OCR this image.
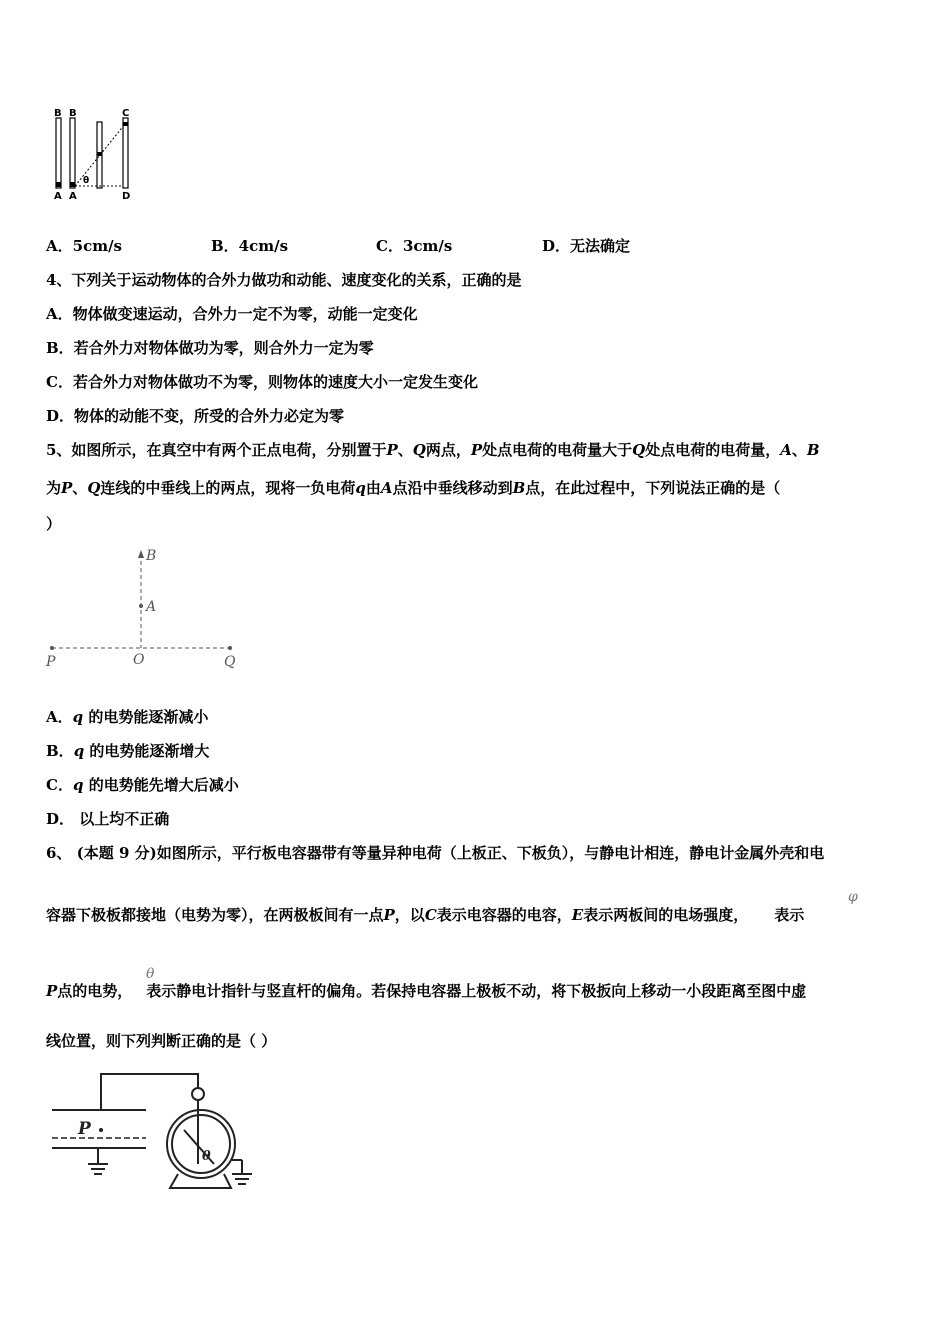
B B	C
A A	D
θ
A．5cm/s	B．4cm/s	C．3cm/s	D．无法确定
4、下列关于运动物体的合外力做功和动能、速度变化的关系，正确的是
A．物体做变速运动，合外力一定不为零，动能一定变化
B．若合外力对物体做功为零，则合外力一定为零
C．若合外力对物体做功不为零，则物体的速度大小一定发生变化
D．物体的动能不变，所受的合外力必定为零
5、如图所示，在真空中有两个正点电荷，分别置于P、Q两点，P处点电荷的电荷量大于Q处点电荷的电荷量，A、B
为P、Q连线的中垂线上的两点，现将一负电荷q由A点沿中垂线移动到B点，在此过程中，下列说法正确的是（
）
B
A
P	O	Q
A．q 的电势能逐渐减小
B．q 的电势能逐渐增大
C．q 的电势能先增大后减小
D． 以上均不正确
6、 (本题 9 分)如图所示，平行板电容器带有等量异种电荷（上板正、下板负），与静电计相连，静电计金属外壳和电
φ
容器下极板都接地（电势为零），在两极板间有一点P，以C表示电容器的电容，E表示两板间的电场强度， 表示
θ
P点的电势， 表示静电计指针与竖直杆的偏角。若保持电容器上极板不动，将下极扳向上移动一小段距离至图中虚
线位置，则下列判断正确的是（ ）
P
θ
